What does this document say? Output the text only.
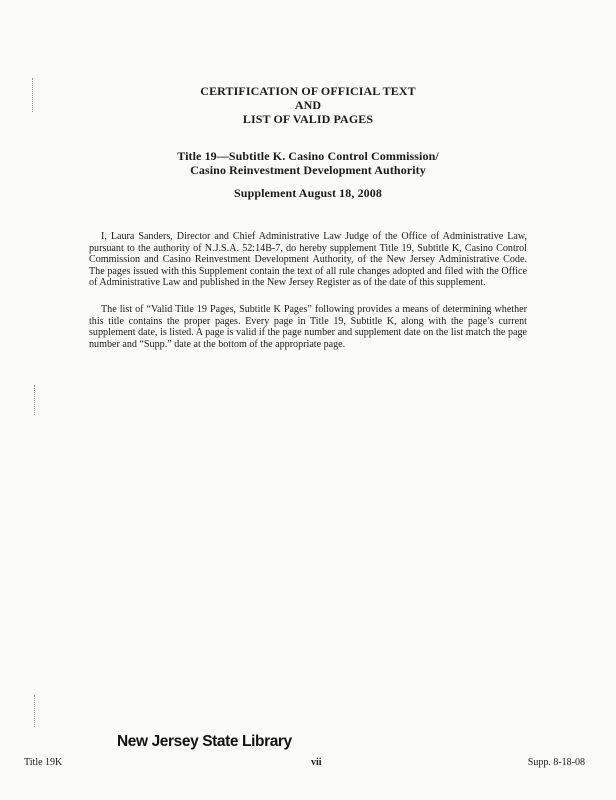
CERTIFICATION OF OFFICIAL TEXT
AND
LIST OF VALID PAGES
Title 19—Subtitle K. Casino Control Commission/
Casino Reinvestment Development Authority
Supplement August 18, 2008

I, Laura Sanders, Director and Chief Administrative Law Judge of the Office of Administrative Law, pursuant to the authority of N.J.S.A. 52:14B-7, do hereby supplement Title 19, Subtitle K, Casino Control Commission and Casino Reinvestment Development Authority, of the New Jersey Administrative Code. The pages issued with this Supplement contain the text of all rule changes adopted and filed with the Office of Administrative Law and published in the New Jersey Register as of the date of this supplement.

The list of “Valid Title 19 Pages, Subtitle K Pages” following provides a means of determining whether this title contains the proper pages. Every page in Title 19, Subtitle K, along with the page’s current supplement date, is listed. A page is valid if the page number and supplement date on the list match the page number and “Supp.” date at the bottom of the appropriate page.

New Jersey State Library
Title 19K	vii	Supp. 8-18-08
